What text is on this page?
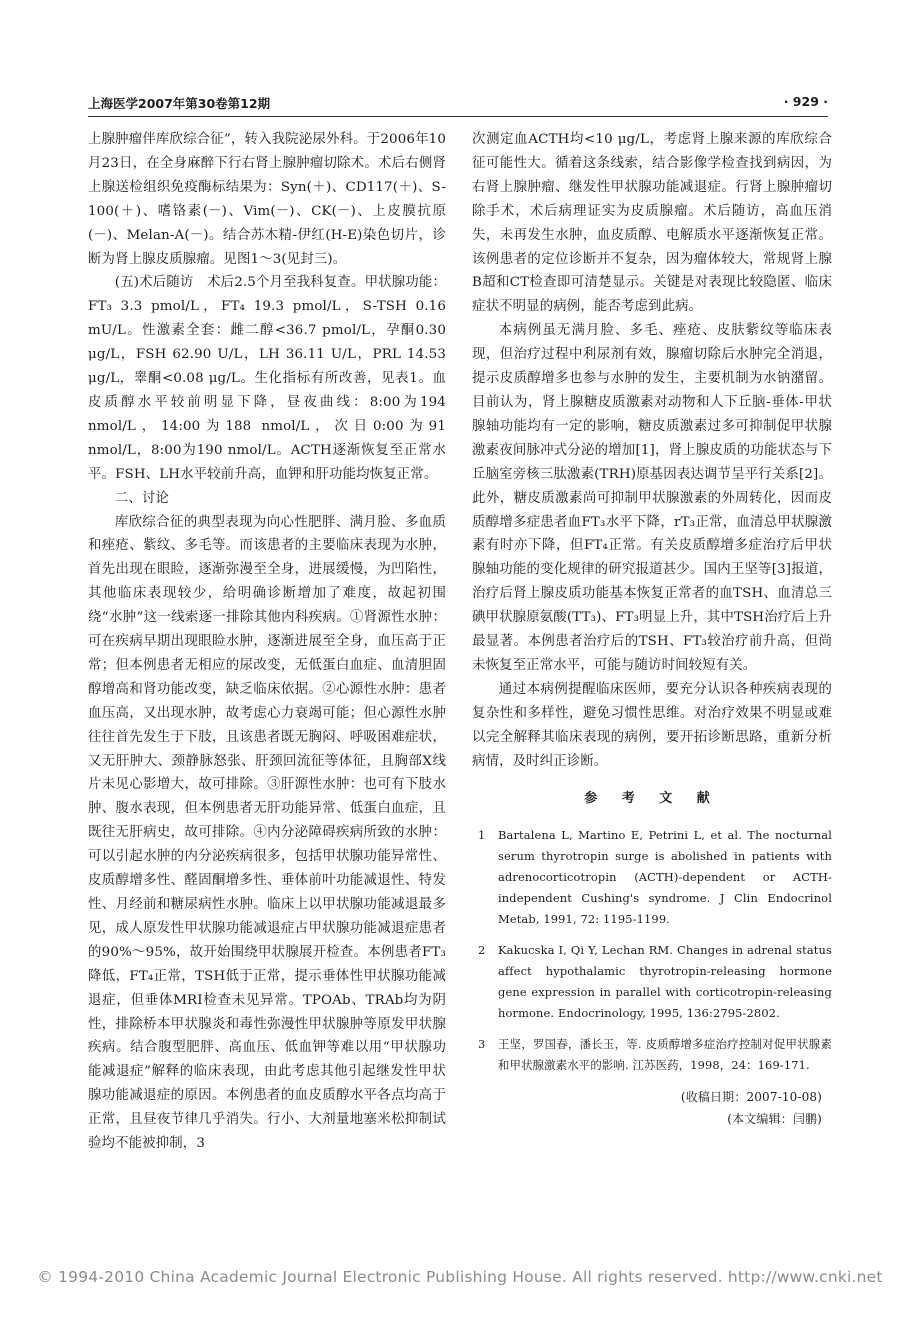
上海医学2007年第30卷第12期	· 929 ·

上腺肿瘤伴库欣综合征”，转入我院泌尿外科。于2006年10月23日，在全身麻醉下行右肾上腺肿瘤切除术。术后右侧肾上腺送检组织免疫酶标结果为：Syn(＋)、CD117(＋)、S-100(＋)、嗜铬素(－)、Vim(－)、CK(－)、上皮膜抗原(－)、Melan-A(－)。结合苏木精-伊红(H-E)染色切片，诊断为肾上腺皮质腺瘤。见图1～3(见封三)。

(五)术后随访　术后2.5个月至我科复查。甲状腺功能：FT₃ 3.3 pmol/L，FT₄ 19.3 pmol/L，S-TSH 0.16 mU/L。性激素全套：雌二醇<36.7 pmol/L，孕酮0.30 μg/L，FSH 62.90 U/L，LH 36.11 U/L，PRL 14.53 μg/L，睾酮<0.08 μg/L。生化指标有所改善，见表1。血皮质醇水平较前明显下降，昼夜曲线：8:00为194 nmol/L，14:00为188 nmol/L，次日0:00为91 nmol/L，8:00为190 nmol/L。ACTH逐渐恢复至正常水平。FSH、LH水平较前升高，血钾和肝功能均恢复正常。

二、讨论

库欣综合征的典型表现为向心性肥胖、满月脸、多血质和痤疮、紫纹、多毛等。而该患者的主要临床表现为水肿，首先出现在眼睑，逐渐弥漫至全身，进展缓慢，为凹陷性，其他临床表现较少，给明确诊断增加了难度，故起初围绕“水肿”这一线索逐一排除其他内科疾病。①肾源性水肿：可在疾病早期出现眼睑水肿，逐渐进展至全身，血压高于正常；但本例患者无相应的尿改变，无低蛋白血症、血清胆固醇增高和肾功能改变，缺乏临床依据。②心源性水肿：患者血压高，又出现水肿，故考虑心力衰竭可能；但心源性水肿往往首先发生于下肢，且该患者既无胸闷、呼吸困难症状，又无肝肿大、颈静脉怒张、肝颈回流征等体征，且胸部X线片未见心影增大，故可排除。③肝源性水肿：也可有下肢水肿、腹水表现，但本例患者无肝功能异常、低蛋白血症，且既往无肝病史，故可排除。④内分泌障碍疾病所致的水肿：可以引起水肿的内分泌疾病很多，包括甲状腺功能异常性、皮质醇增多性、醛固酮增多性、垂体前叶功能减退性、特发性、月经前和糖尿病性水肿。临床上以甲状腺功能减退最多见，成人原发性甲状腺功能减退症占甲状腺功能减退症患者的90%～95%，故开始围绕甲状腺展开检查。本例患者FT₃降低，FT₄正常，TSH低于正常，提示垂体性甲状腺功能减退症，但垂体MRI检查未见异常。TPOAb、TRAb均为阴性，排除桥本甲状腺炎和毒性弥漫性甲状腺肿等原发甲状腺疾病。结合腹型肥胖、高血压、低血钾等难以用“甲状腺功能减退症”解释的临床表现，由此考虑其他引起继发性甲状腺功能减退症的原因。本例患者的血皮质醇水平各点均高于正常，且昼夜节律几乎消失。行小、大剂量地塞米松抑制试验均不能被抑制，3

次测定血ACTH均<10 μg/L，考虑肾上腺来源的库欣综合征可能性大。循着这条线索，结合影像学检查找到病因，为右肾上腺肿瘤、继发性甲状腺功能减退症。行肾上腺肿瘤切除手术，术后病理证实为皮质腺瘤。术后随访，高血压消失，未再发生水肿，血皮质醇、电解质水平逐渐恢复正常。该例患者的定位诊断并不复杂，因为瘤体较大，常规肾上腺B超和CT检查即可清楚显示。关键是对表现比较隐匿、临床症状不明显的病例，能否考虑到此病。

本病例虽无满月脸、多毛、痤疮、皮肤紫纹等临床表现，但治疗过程中利尿剂有效，腺瘤切除后水肿完全消退，提示皮质醇增多也参与水肿的发生，主要机制为水钠潴留。目前认为，肾上腺糖皮质激素对动物和人下丘脑-垂体-甲状腺轴功能均有一定的影响，糖皮质激素过多可抑制促甲状腺激素夜间脉冲式分泌的增加[1]，肾上腺皮质的功能状态与下丘脑室旁核三肽激素(TRH)原基因表达调节呈平行关系[2]。此外，糖皮质激素尚可抑制甲状腺激素的外周转化，因而皮质醇增多症患者血FT₃水平下降，rT₃正常，血清总甲状腺激素有时亦下降，但FT₄正常。有关皮质醇增多症治疗后甲状腺轴功能的变化规律的研究报道甚少。国内王坚等[3]报道，治疗后肾上腺皮质功能基本恢复正常者的血TSH、血清总三碘甲状腺原氨酸(TT₃)、FT₃明显上升，其中TSH治疗后上升最显著。本例患者治疗后的TSH、FT₃较治疗前升高，但尚未恢复至正常水平，可能与随访时间较短有关。

通过本病例提醒临床医师，要充分认识各种疾病表现的复杂性和多样性，避免习惯性思维。对治疗效果不明显或难以完全解释其临床表现的病例，要开拓诊断思路，重新分析病情，及时纠正诊断。

参 考 文 献
1 Bartalena L, Martino E, Petrini L, et al. The nocturnal serum thyrotropin surge is abolished in patients with adrenocorticotropin (ACTH)-dependent or ACTH-independent Cushing's syndrome. J Clin Endocrinol Metab, 1991, 72: 1195-1199.
2 Kakucska I, Qi Y, Lechan RM. Changes in adrenal status affect hypothalamic thyrotropin-releasing hormone gene expression in parallel with corticotropin-releasing hormone. Endocrinology, 1995, 136:2795-2802.
3 王坚，罗国春，潘长玉，等. 皮质醇增多症治疗控制对促甲状腺素和甲状腺激素水平的影响. 江苏医药，1998，24：169-171.
(收稿日期：2007-10-08)
(本文编辑：闫鹏)
© 1994-2010 China Academic Journal Electronic Publishing House. All rights reserved. http://www.cnki.net
